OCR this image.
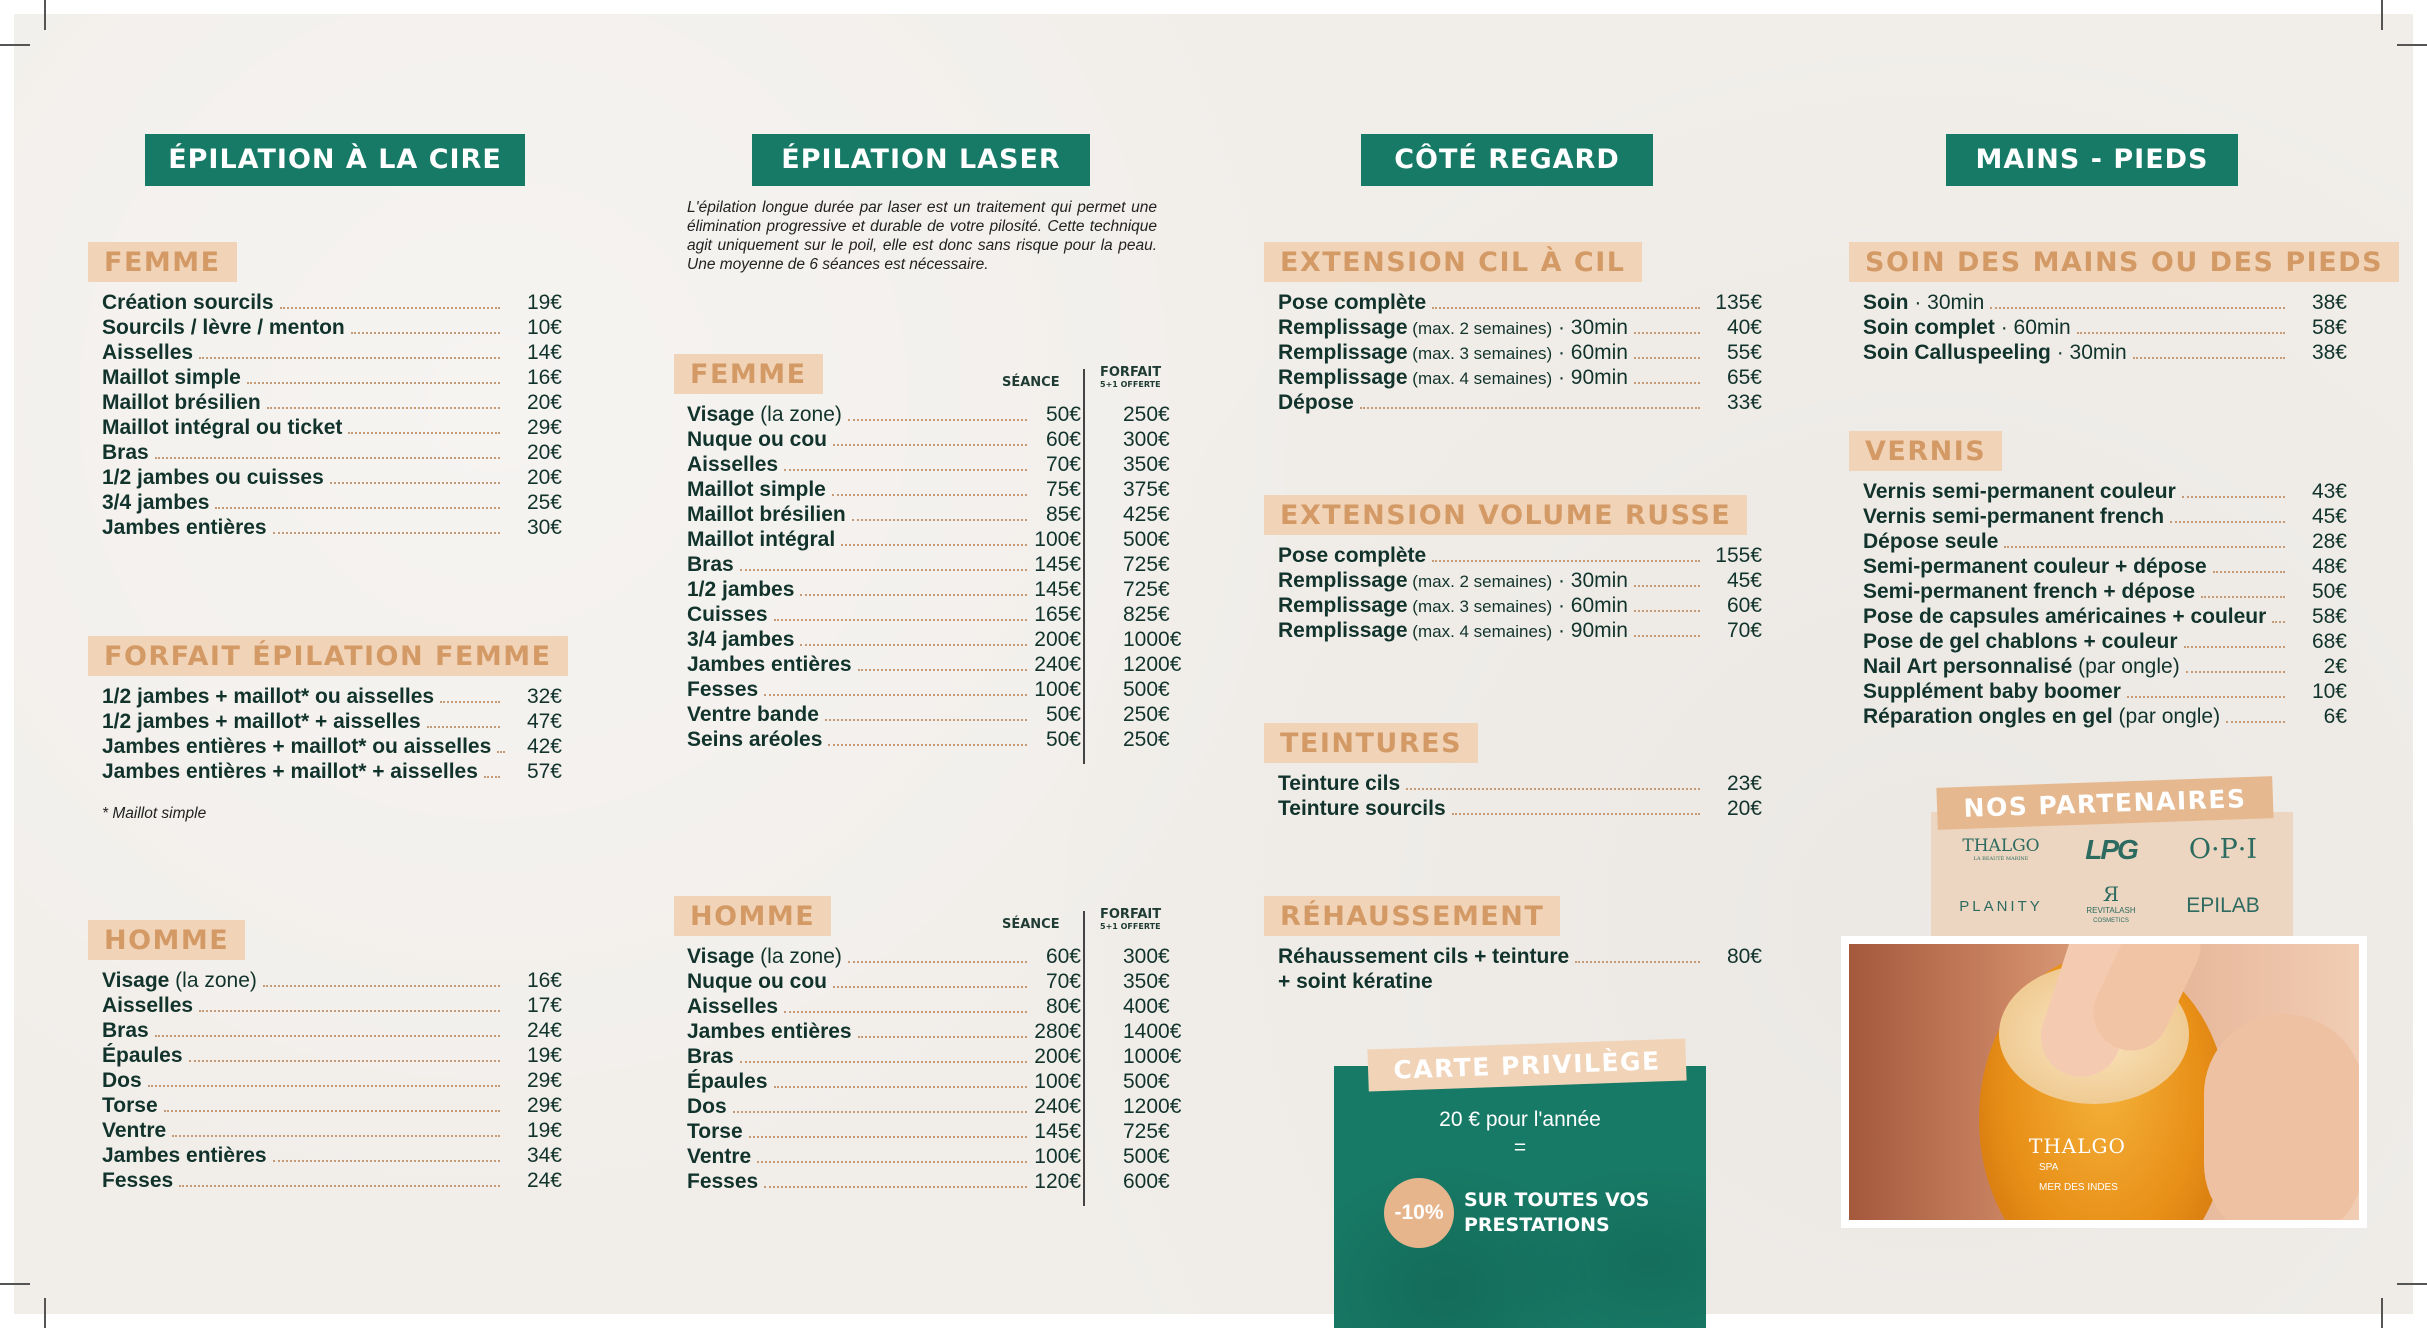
ÉPILATION À LA CIRE
FEMME
Création sourcils	19€
Sourcils / lèvre / menton	10€
Aisselles	14€
Maillot simple	16€
Maillot brésilien	20€
Maillot intégral ou ticket	29€
Bras	20€
1/2 jambes ou cuisses	20€
3/4 jambes	25€
Jambes entières	30€
FORFAIT ÉPILATION FEMME
1/2 jambes + maillot* ou aisselles	32€
1/2 jambes + maillot* + aisselles	47€
Jambes entières + maillot* ou aisselles	42€
Jambes entières + maillot* + aisselles	57€
* Maillot simple
HOMME
Visage (la zone)	16€
Aisselles	17€
Bras	24€
Épaules	19€
Dos	29€
Torse	29€
Ventre	19€
Jambes entières	34€
Fesses	24€
ÉPILATION LASER
L'épilation longue durée par laser est un traitement qui permet une élimination progressive et durable de votre pilosité. Cette technique agit uniquement sur le poil, elle est donc sans risque pour la peau. Une moyenne de 6 séances est nécessaire.
FEMME	SÉANCE
FORFAIT
5+1 OFFERTE
Visage (la zone)	50€ 250€
Nuque ou cou	60€ 300€
Aisselles	70€ 350€
Maillot simple	75€ 375€
Maillot brésilien	85€ 425€
Maillot intégral	100€ 500€
Bras	145€ 725€
1/2 jambes	145€ 725€
Cuisses	165€ 825€
3/4 jambes	200€ 1000€
Jambes entières	240€ 1200€
Fesses	100€ 500€
Ventre bande	50€ 250€
Seins aréoles	50€ 250€
HOMME	SÉANCE
FORFAIT
5+1 OFFERTE
Visage (la zone)	60€ 300€
Nuque ou cou	70€ 350€
Aisselles	80€ 400€
Jambes entières	280€ 1400€
Bras	200€ 1000€
Épaules	100€ 500€
Dos	240€ 1200€
Torse	145€ 725€
Ventre	100€ 500€
Fesses	120€ 600€
CÔTÉ REGARD
EXTENSION CIL À CIL
Pose complète	135€
Remplissage (max. 2 semaines) · 30min	40€
Remplissage (max. 3 semaines) · 60min	55€
Remplissage (max. 4 semaines) · 90min	65€
Dépose	33€
EXTENSION VOLUME RUSSE
Pose complète	155€
Remplissage (max. 2 semaines) · 30min	45€
Remplissage (max. 3 semaines) · 60min	60€
Remplissage (max. 4 semaines) · 90min	70€
TEINTURES
Teinture cils	23€
Teinture sourcils	20€
RÉHAUSSEMENT
Réhaussement cils + teinture	80€
+ soint kératine
CARTE PRIVILÈGE
20 € pour l'année
=
-10%
SUR TOUTES VOS PRESTATIONS
MAINS - PIEDS
SOIN DES MAINS OU DES PIEDS
Soin · 30min	38€
Soin complet · 60min	58€
Soin Calluspeeling · 30min	38€
VERNIS
Vernis semi-permanent couleur	43€
Vernis semi-permanent french	45€
Dépose seule	28€
Semi-permanent couleur + dépose	48€
Semi-permanent french + dépose	50€
Pose de capsules américaines + couleur	58€
Pose de gel chablons + couleur	68€
Nail Art personnalisé (par ongle)	2€
Supplément baby boomer	10€
Réparation ongles en gel (par ongle)	6€
THALGO
LA BEAUTÉ MARINE	LPG	O·P·I
PLANITY
Я
REVITALASH
COSMETICS
EPILAB
NOS PARTENAIRES
THALGO
SPA
MER DES INDES
